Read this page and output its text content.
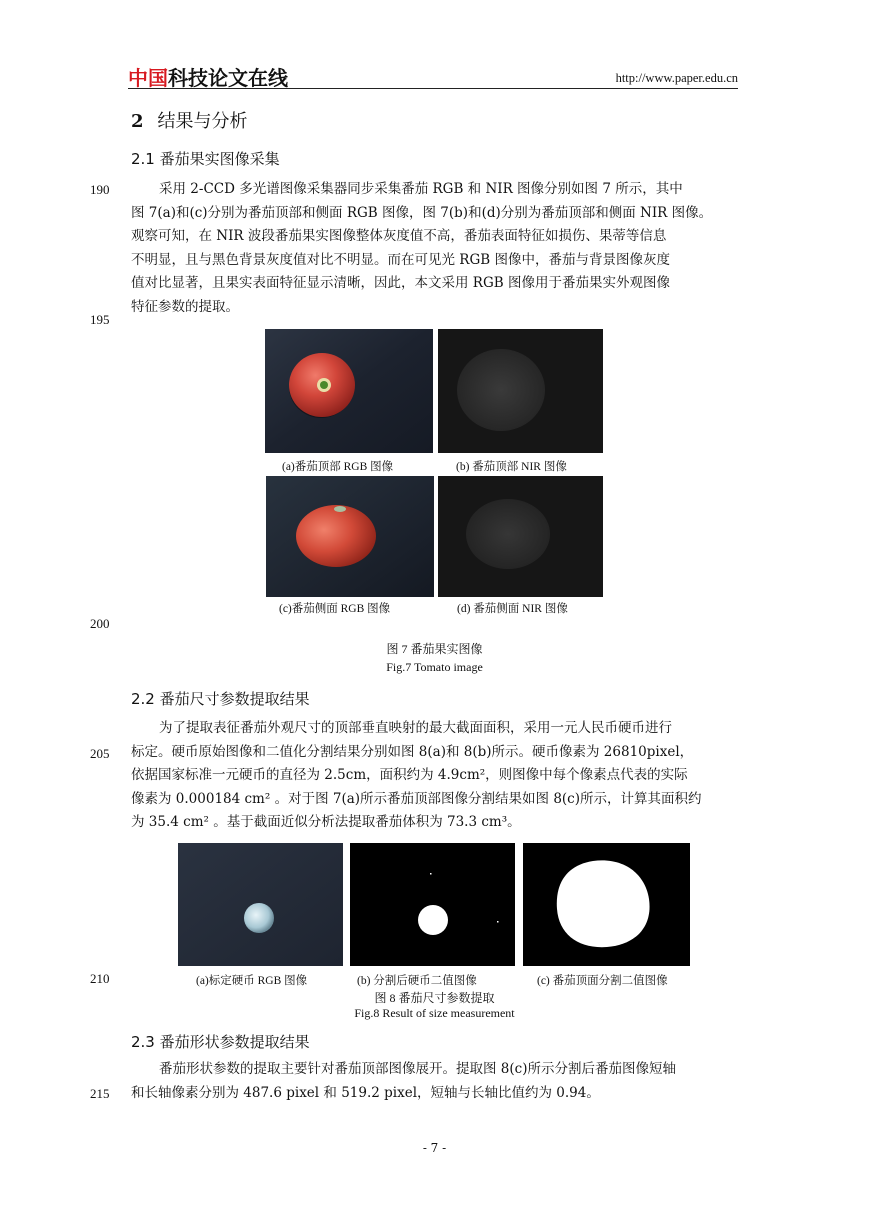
中国科技论文在线	http://www.paper.edu.cn
2 结果与分析
2.1 番茄果实图像采集

采用 2-CCD 多光谱图像采集器同步采集番茄 RGB 和 NIR 图像分别如图 7 所示，其中

图 7(a)和(c)分别为番茄顶部和侧面 RGB 图像，图 7(b)和(d)分别为番茄顶部和侧面 NIR 图像。

观察可知，在 NIR 波段番茄果实图像整体灰度值不高，番茄表面特征如损伤、果蒂等信息

不明显，且与黑色背景灰度值对比不明显。而在可见光 RGB 图像中，番茄与背景图像灰度

值对比显著，且果实表面特征显示清晰，因此，本文采用 RGB 图像用于番茄果实外观图像

特征参数的提取。

190
195
200
205
210
215
(a)番茄顶部 RGB 图像	(b) 番茄顶部 NIR 图像
(c)番茄侧面 RGB 图像	(d) 番茄侧面 NIR 图像
图 7 番茄果实图像
Fig.7 Tomato image
2.2 番茄尺寸参数提取结果

为了提取表征番茄外观尺寸的顶部垂直映射的最大截面面积，采用一元人民币硬币进行

标定。硬币原始图像和二值化分割结果分别如图 8(a)和 8(b)所示。硬币像素为 26810pixel，

依据国家标准一元硬币的直径为 2.5cm，面积约为 4.9cm²，则图像中每个像素点代表的实际

像素为 0.000184 cm² 。对于图 7(a)所示番茄顶部图像分割结果如图 8(c)所示，计算其面积约

为 35.4 cm² 。基于截面近似分析法提取番茄体积为 73.3 cm³。

(a)标定硬币 RGB 图像	(b) 分割后硬币二值图像	(c) 番茄顶面分割二值图像
图 8 番茄尺寸参数提取
Fig.8 Result of size measurement
2.3 番茄形状参数提取结果

番茄形状参数的提取主要针对番茄顶部图像展开。提取图 8(c)所示分割后番茄图像短轴

和长轴像素分别为 487.6 pixel 和 519.2 pixel，短轴与长轴比值约为 0.94。

- 7 -
